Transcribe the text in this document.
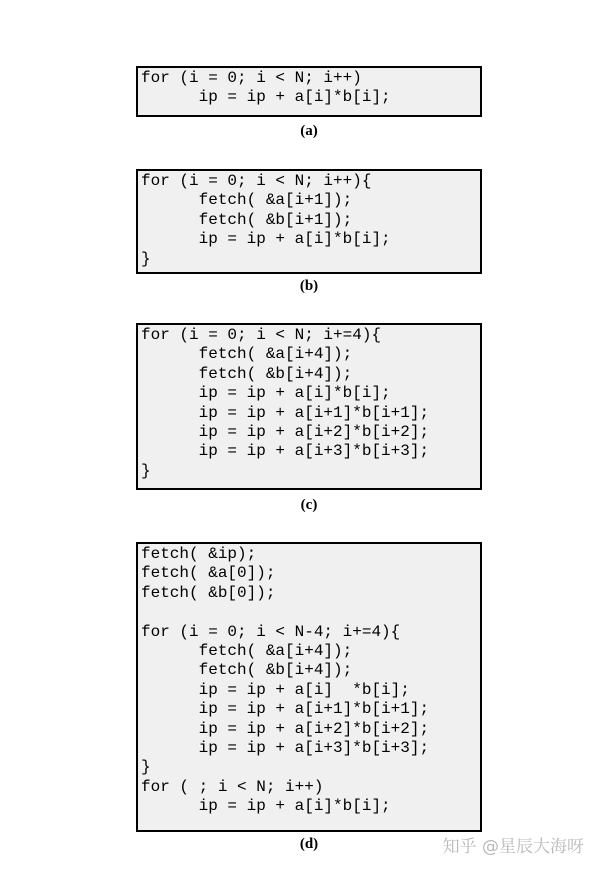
for (i = 0; i < N; i++)
ip = ip + a[i]*b[i];
(a)
for (i = 0; i < N; i++){
fetch( &a[i+1]);
fetch( &b[i+1]);
ip = ip + a[i]*b[i];
}
(b)
for (i = 0; i < N; i+=4){
fetch( &a[i+4]);
fetch( &b[i+4]);
ip = ip + a[i]*b[i];
ip = ip + a[i+1]*b[i+1];
ip = ip + a[i+2]*b[i+2];
ip = ip + a[i+3]*b[i+3];
}
(c)
fetch( &ip);
fetch( &a[0]);
fetch( &b[0]);
for (i = 0; i < N-4; i+=4){
fetch( &a[i+4]);
fetch( &b[i+4]);
ip = ip + a[i]  *b[i];
ip = ip + a[i+1]*b[i+1];
ip = ip + a[i+2]*b[i+2];
ip = ip + a[i+3]*b[i+3];
}
for ( ; i < N; i++)
ip = ip + a[i]*b[i];
(d)	知乎 @星辰大海呀
